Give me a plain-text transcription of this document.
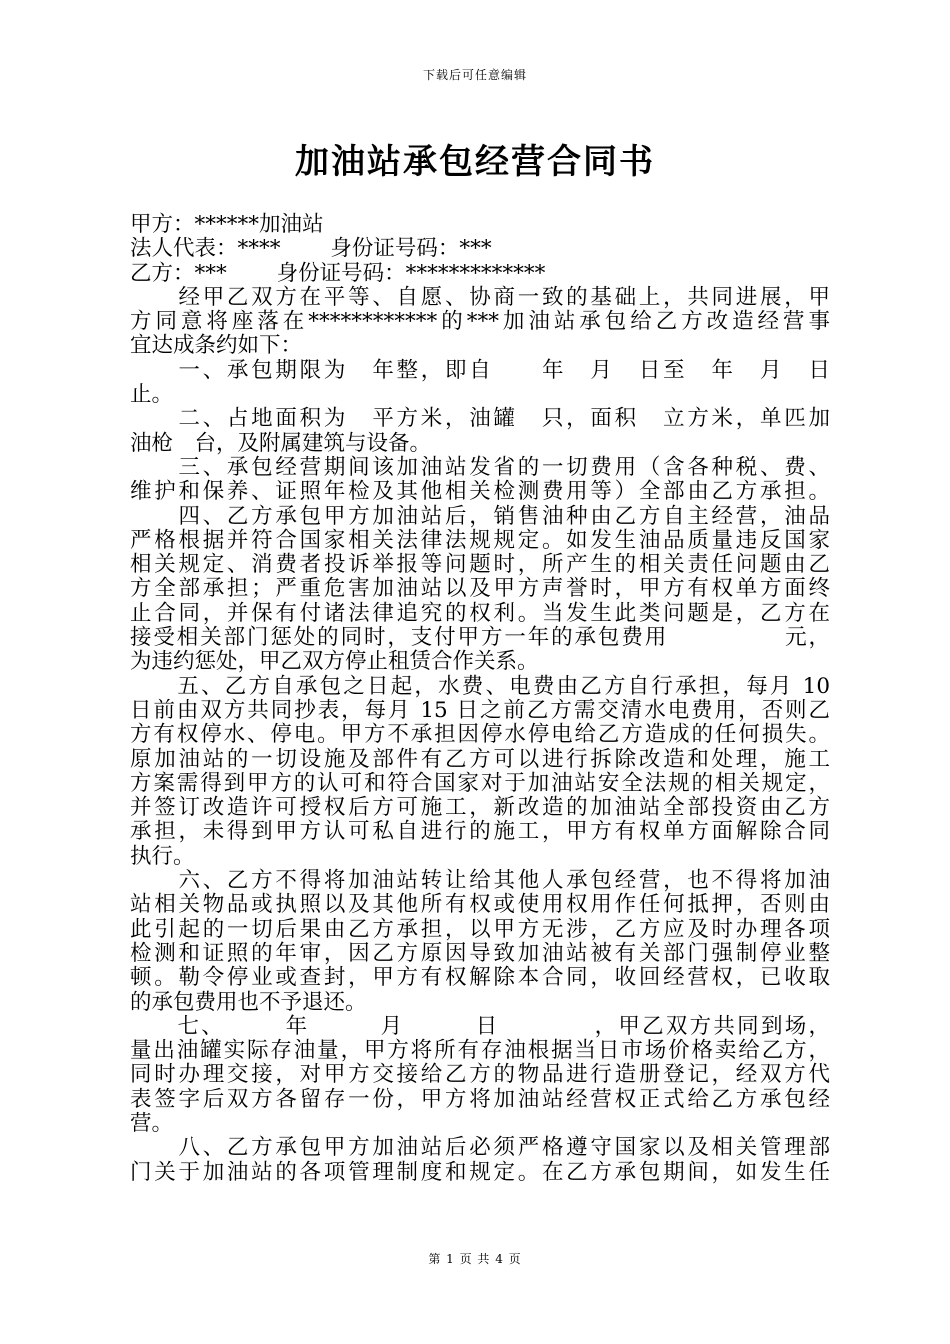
下载后可任意编辑
加油站承包经营合同书
甲方：******加油站
法人代表：****　　 身份证号码：***
乙方：***　　 身份证号码：*************
　　经甲乙双方在平等、自愿、协商一致的基础上，共同进展，甲
方同意将座落在************的***加油站承包给乙方改造经营事
宜达成条约如下：
　　一、承包期限为　年整，即自　　年　月　日至　年　月　日
止。
　　二、占地面积为　平方米，油罐　只，面积　立方米，单匹加
油枪　台，及附属建筑与设备。
　　三、承包经营期间该加油站发省的一切费用（含各种税、费、
维护和保养、证照年检及其他相关检测费用等）全部由乙方承担。
　　四、乙方承包甲方加油站后，销售油种由乙方自主经营，油品
严格根据并符合国家相关法律法规规定。如发生油品质量违反国家
相关规定、消费者投诉举报等问题时，所产生的相关责任问题由乙
方全部承担；严重危害加油站以及甲方声誉时，甲方有权单方面终
止合同，并保有付诸法律追究的权利。当发生此类问题是，乙方在
接受相关部门惩处的同时，支付甲方一年的承包费用　　　　　元，
为违约惩处，甲乙双方停止租赁合作关系。
　　五、乙方自承包之日起，水费、电费由乙方自行承担，每月 10
日前由双方共同抄表，每月 15 日之前乙方需交清水电费用，否则乙
方有权停水、停电。甲方不承担因停水停电给乙方造成的任何损失。
原加油站的一切设施及部件有乙方可以进行拆除改造和处理，施工
方案需得到甲方的认可和符合国家对于加油站安全法规的相关规定，
并签订改造许可授权后方可施工，新改造的加油站全部投资由乙方
承担，未得到甲方认可私自进行的施工，甲方有权单方面解除合同
执行。
　　六、乙方不得将加油站转让给其他人承包经营，也不得将加油
站相关物品或执照以及其他所有权或使用权用作任何抵押，否则由
此引起的一切后果由乙方承担，以甲方无涉，乙方应及时办理各项
检测和证照的年审，因乙方原因导致加油站被有关部门强制停业整
顿。勒令停业或查封，甲方有权解除本合同，收回经营权，已收取
的承包费用也不予退还。
　　七、　　　年　　　月　　　日　　　　，甲乙双方共同到场，
量出油罐实际存油量，甲方将所有存油根据当日市场价格卖给乙方，
同时办理交接，对甲方交接给乙方的物品进行造册登记，经双方代
表签字后双方各留存一份，甲方将加油站经营权正式给乙方承包经
营。
　　八、乙方承包甲方加油站后必须严格遵守国家以及相关管理部
门关于加油站的各项管理制度和规定。在乙方承包期间，如发生任
第 1 页 共 4 页
